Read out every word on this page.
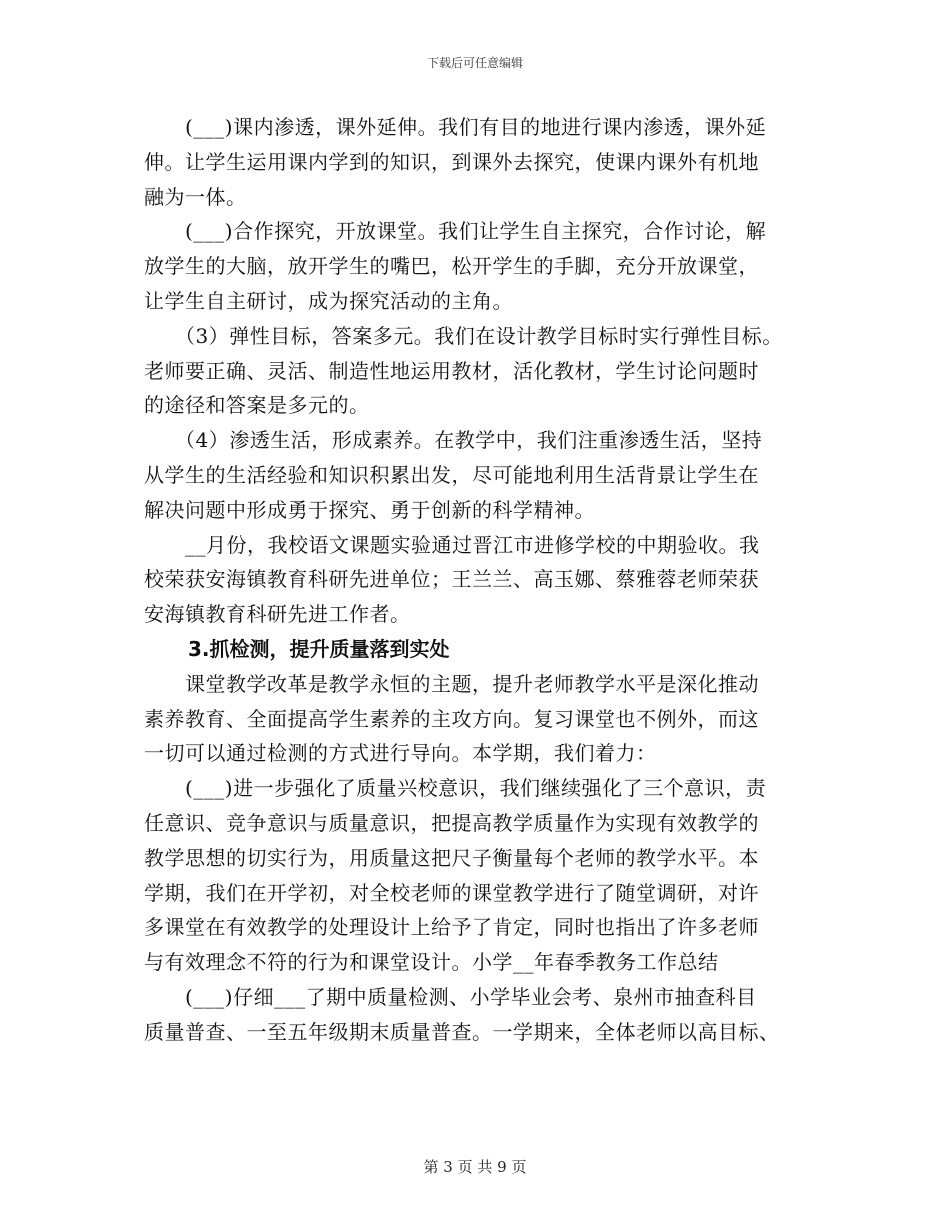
下载后可任意编辑

　　(___)课内渗透，课外延伸。我们有目的地进行课内渗透，课外延
伸。让学生运用课内学到的知识，到课外去探究，使课内课外有机地
融为一体。

　　(___)合作探究，开放课堂。我们让学生自主探究，合作讨论，解
放学生的大脑，放开学生的嘴巴，松开学生的手脚，充分开放课堂，
让学生自主研讨，成为探究活动的主角。

　　（3）弹性目标，答案多元。我们在设计教学目标时实行弹性目标。
老师要正确、灵活、制造性地运用教材，活化教材，学生讨论问题时
的途径和答案是多元的。

　　（4）渗透生活，形成素养。在教学中，我们注重渗透生活，坚持
从学生的生活经验和知识积累出发，尽可能地利用生活背景让学生在
解决问题中形成勇于探究、勇于创新的科学精神。

　　__月份，我校语文课题实验通过晋江市进修学校的中期验收。我
校荣获安海镇教育科研先进单位；王兰兰、高玉娜、蔡雅蓉老师荣获
安海镇教育科研先进工作者。

3.抓检测，提升质量落到实处

　　课堂教学改革是教学永恒的主题，提升老师教学水平是深化推动
素养教育、全面提高学生素养的主攻方向。复习课堂也不例外，而这
一切可以通过检测的方式进行导向。本学期，我们着力：

　　(___)进一步强化了质量兴校意识，我们继续强化了三个意识，责
任意识、竞争意识与质量意识，把提高教学质量作为实现有效教学的
教学思想的切实行为，用质量这把尺子衡量每个老师的教学水平。本
学期，我们在开学初，对全校老师的课堂教学进行了随堂调研，对许
多课堂在有效教学的处理设计上给予了肯定，同时也指出了许多老师
与有效理念不符的行为和课堂设计。小学__年春季教务工作总结

　　(___)仔细___了期中质量检测、小学毕业会考、泉州市抽查科目
质量普查、一至五年级期末质量普查。一学期来，全体老师以高目标、

第 3 页 共 9 页
